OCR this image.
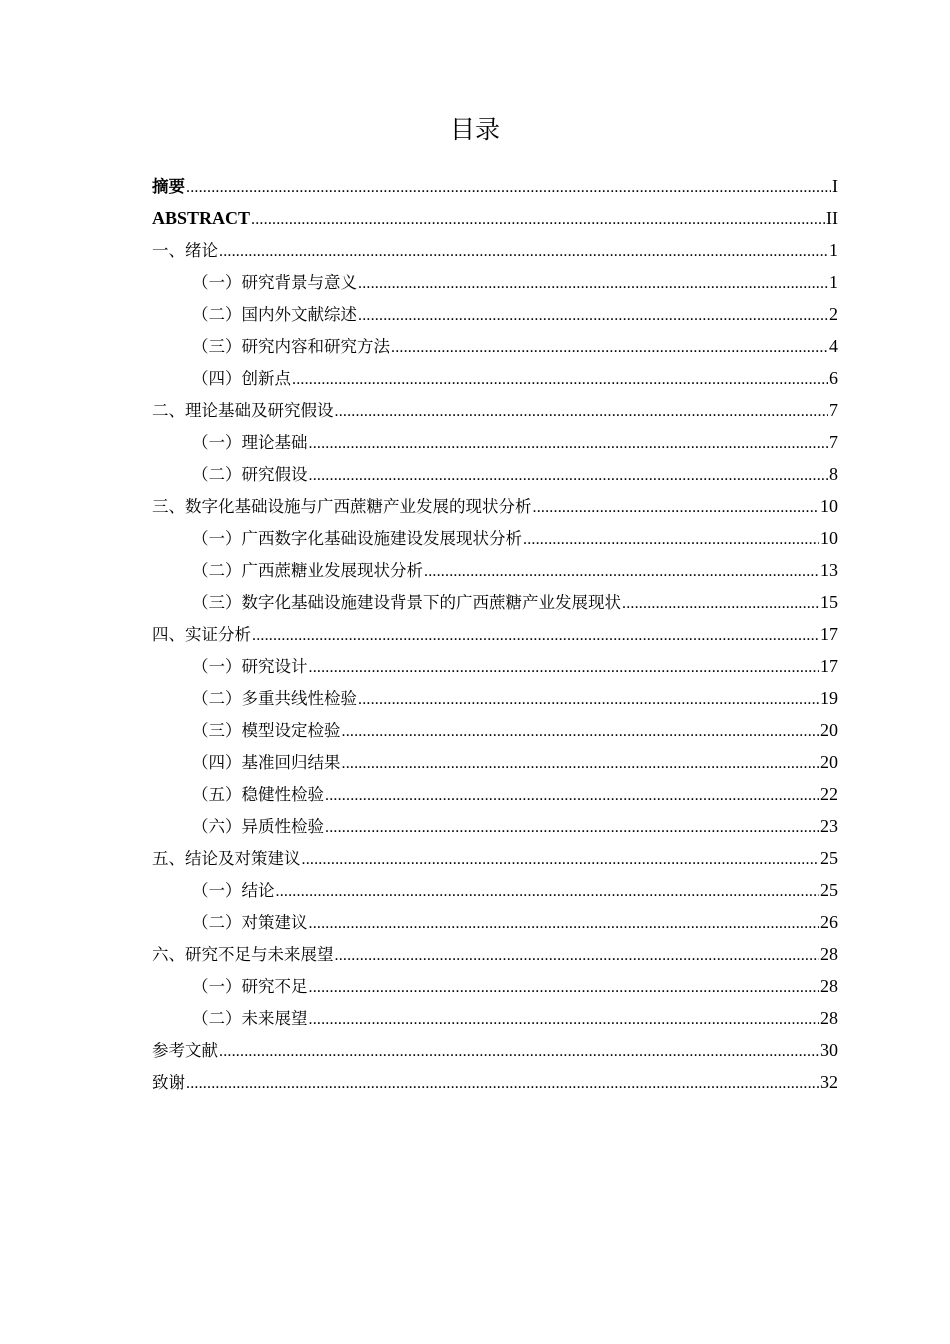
目录
摘要 .....	I
ABSTRACT .....	II
一、绪论 .....	1
（一）研究背景与意义 .....	1
（二）国内外文献综述 .....	2
（三）研究内容和研究方法 .....	4
（四）创新点 .....	6
二、理论基础及研究假设 .....	7
（一）理论基础 .....	7
（二）研究假设 .....	8
三、数字化基础设施与广西蔗糖产业发展的现状分析 .....	10
（一）广西数字化基础设施建设发展现状分析 .....	10
（二）广西蔗糖业发展现状分析 .....	13
（三）数字化基础设施建设背景下的广西蔗糖产业发展现状 .....	15
四、实证分析 .....	17
（一）研究设计 .....	17
（二）多重共线性检验 .....	19
（三）模型设定检验 .....	20
（四）基准回归结果 .....	20
（五）稳健性检验 .....	22
（六）异质性检验 .....	23
五、结论及对策建议 .....	25
（一）结论 .....	25
（二）对策建议 .....	26
六、研究不足与未来展望 .....	28
（一）研究不足 .....	28
（二）未来展望 .....	28
参考文献 .....	30
致谢 .....	32
